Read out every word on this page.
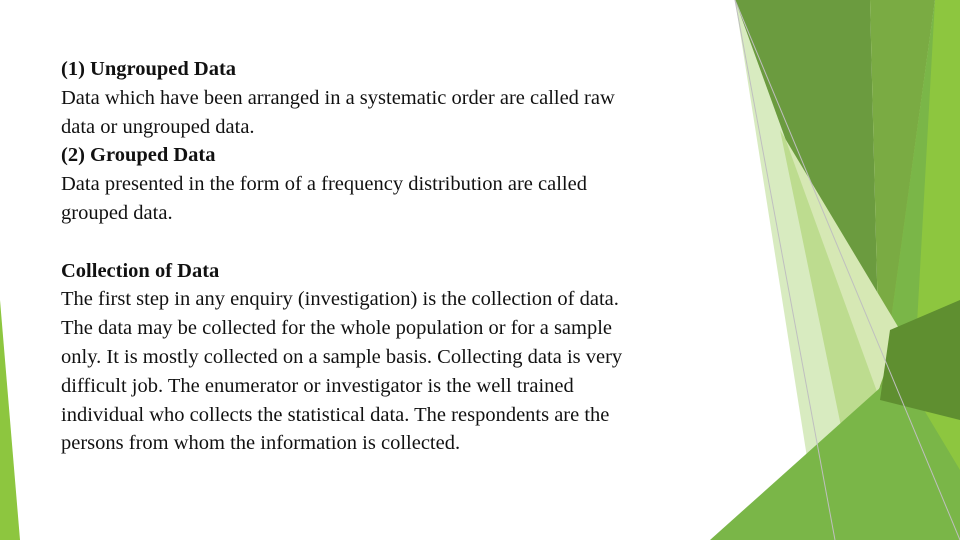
(1) Ungrouped Data
Data which have been arranged in a systematic order are called raw
data or ungrouped data.
(2) Grouped Data
Data presented in the form of a frequency distribution are called
grouped data.
Collection of Data
The first step in any enquiry (investigation) is the collection of data.
The data may be collected for the whole population or for a sample
only. It is mostly collected on a sample basis. Collecting data is very
difficult job. The enumerator or investigator is the well trained
individual who collects the statistical data. The respondents are the
persons from whom the information is collected.
